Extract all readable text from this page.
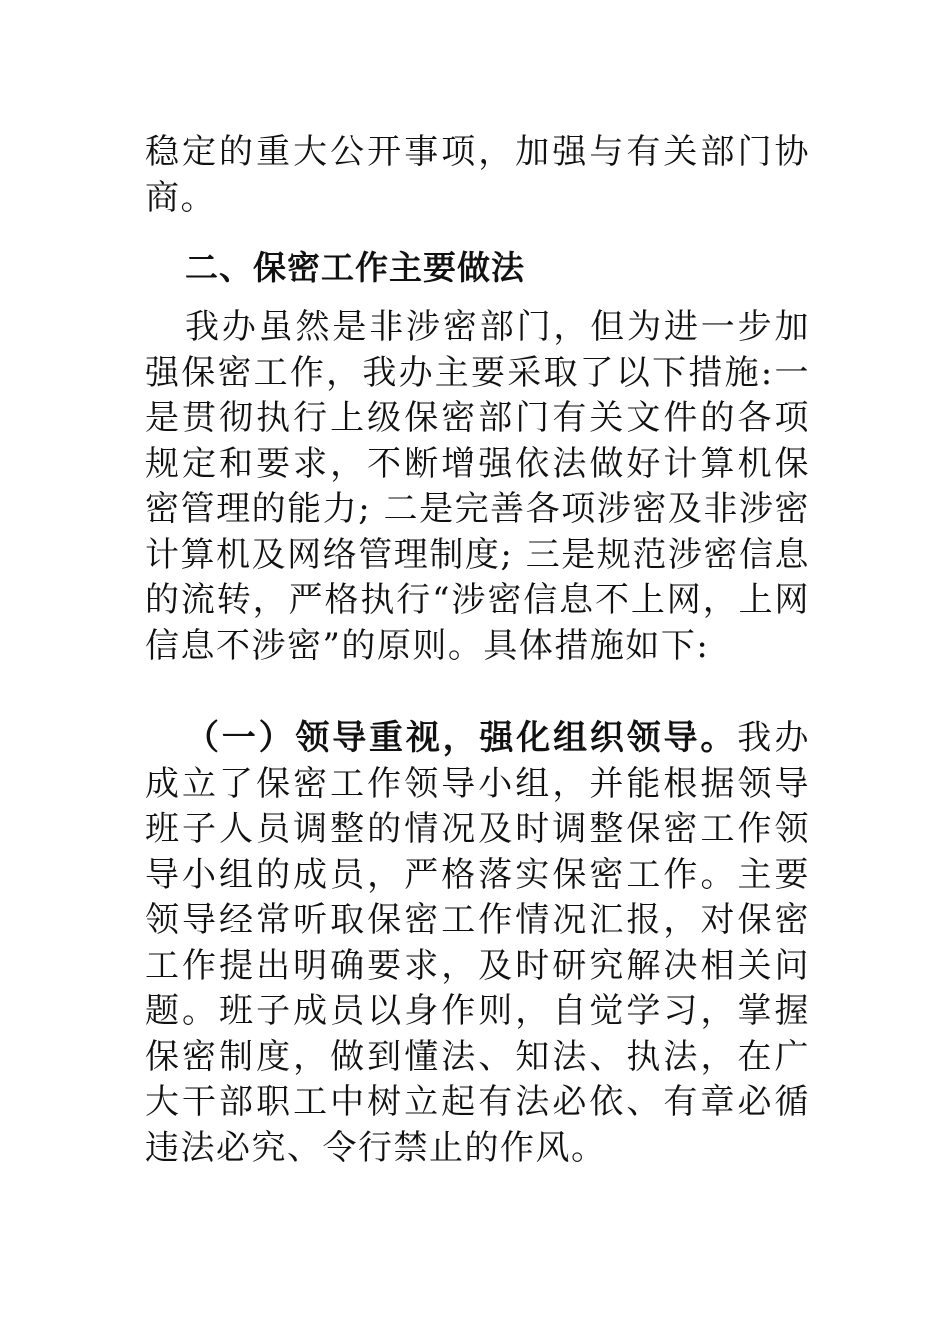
稳定的重大公开事项，加强与有关部门协商。

二、保密工作主要做法

我办虽然是非涉密部门，但为进一步加强保密工作，我办主要采取了以下措施:一是贯彻执行上级保密部门有关文件的各项规定和要求，不断增强依法做好计算机保密管理的能力; 二是完善各项涉密及非涉密计算机及网络管理制度; 三是规范涉密信息的流转，严格执行“涉密信息不上网，上网信息不涉密”的原则。具体措施如下:

（一）领导重视，强化组织领导。我办成立了保密工作领导小组，并能根据领导班子人员调整的情况及时调整保密工作领导小组的成员，严格落实保密工作。主要领导经常听取保密工作情况汇报，对保密工作提出明确要求，及时研究解决相关问题。班子成员以身作则，自觉学习，掌握保密制度，做到懂法、知法、执法，在广大干部职工中树立起有法必依、有章必循违法必究、令行禁止的作风。
